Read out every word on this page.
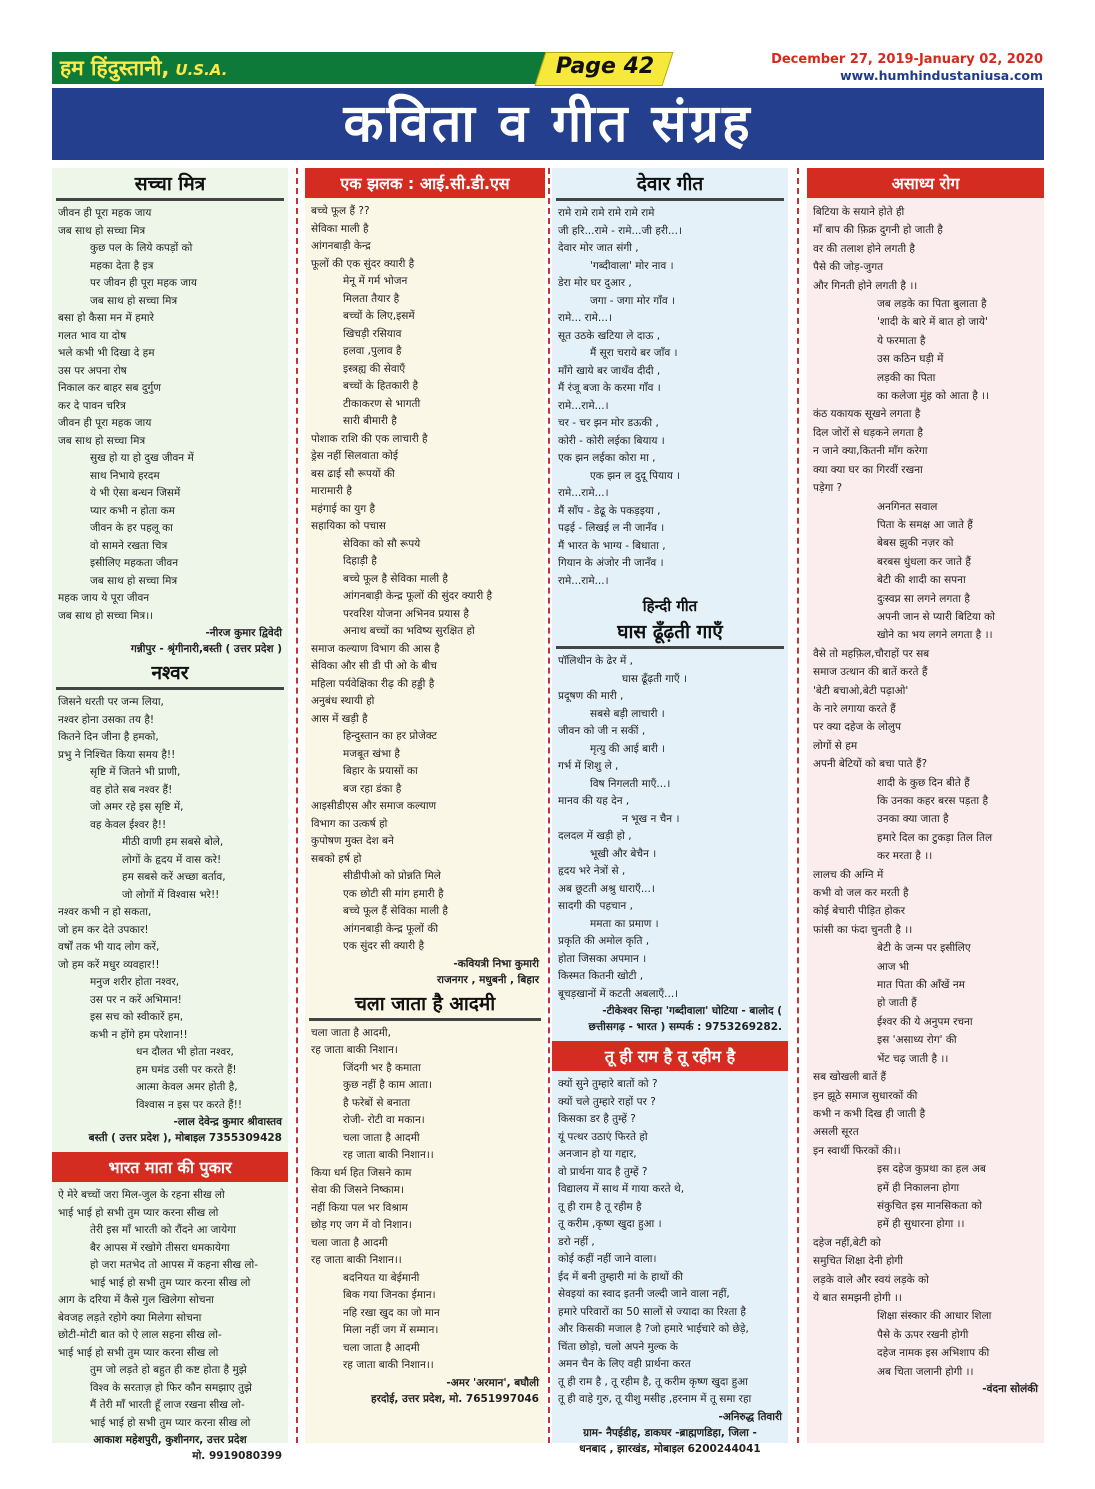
हम हिंदुस्तानी, U.S.A.	Page 42	December 27, 2019-January 02, 2020
www.humhindustaniusa.com
कविता व गीत संग्रह
सच्चा मित्र
जीवन ही पूरा महक जाय
जब साथ हो सच्चा मित्र
कुछ पल के लिये कपड़ों को
महका देता है इत्र
पर जीवन ही पूरा महक जाय
जब साथ हो सच्चा मित्र
बसा हो कैसा मन में हमारे
गलत भाव या दोष
भले कभी भी दिखा दे हम
उस पर अपना रोष
निकाल कर बाहर सब दुर्गुण
कर दे पावन चरित्र
जीवन ही पूरा महक जाय
जब साथ हो सच्चा मित्र
सुख हो या हो दुख जीवन में
साथ निभाये हरदम
ये भी ऐसा बन्धन जिसमें
प्यार कभी न होता कम
जीवन के हर पहलू का
वो सामने रखता चित्र
इसीलिए महकता जीवन
जब साथ हो सच्चा मित्र
महक जाय ये पूरा जीवन
जब साथ हो सच्चा मित्र।।
-नीरज कुमार द्विवेदी
गन्नीपुर - श्रृंगीनारी,बस्ती ( उत्तर प्रदेश )
नश्वर
जिसने धरती पर जन्म लिया,
नश्वर होना उसका तय है!
कितने दिन जीना है हमको,
प्रभु ने निश्चित किया समय है!!
सृष्टि में जितने भी प्राणी,
वह होते सब नश्वर हैं!
जो अमर रहे इस सृष्टि में,
वह केवल ईश्वर है!!
मीठी वाणी हम सबसे बोले,
लोगों के हृदय में वास करे!
हम सबसे करें अच्छा बर्ताव,
जो लोगों में विश्वास भरे!!
नश्वर कभी न हो सकता,
जो हम कर देते उपकार!
वर्षों तक भी याद लोग करें,
जो हम करें मधुर व्यवहार!!
मनुज शरीर होता नश्वर,
उस पर न करें अभिमान!
इस सच को स्वीकारें हम,
कभी न होंगे हम परेशान!!
धन दौलत भी होता नश्वर,
हम घमंड उसी पर करते हैं!
आत्मा केवल अमर होती है,
विश्वास न इस पर करते हैं!!
-लाल देवेन्द्र कुमार श्रीवास्तव
बस्ती ( उत्तर प्रदेश ), मोबाइल 7355309428
भारत माता की पुकार
ऐ मेरे बच्चों जरा मिल-जुल के रहना सीख लो
भाई भाई हो सभी तुम प्यार करना सीख लो
तेरी इस माँ भारती को रौंदने आ जायेगा
बैर आपस में रखोगे तीसरा धमकायेगा
हो जरा मतभेद तो आपस में कहना सीख लो-
भाई भाई हो सभी तुम प्यार करना सीख लो
आग के दरिया में कैसे गुल खिलेगा सोचना
बेवजह लड़ते रहोगे क्या मिलेगा सोचना
छोटी-मोटी बात को ऐ लाल सहना सीख लो-
भाई भाई हो सभी तुम प्यार करना सीख लो
तुम जो लड़ते हो बहुत ही कष्ट होता है मुझे
विश्व के सरताज़ हो फिर कौन समझाए तुझे
मैं तेरी माँ भारती हूँ लाज रखना सीख लो-
भाई भाई हो सभी तुम प्यार करना सीख लो
आकाश महेशपुरी, कुशीनगर, उत्तर प्रदेश
मो. 9919080399
एक झलक : आई.सी.डी.एस
बच्चे फूल हैं ??
सेविका माली है
आंगनबाड़ी केन्द्र
फूलों की एक सुंदर क्यारी है
मेनू में गर्म भोजन
मिलता तैयार है
बच्चों के लिए,इसमें
खिचड़ी रसियाव
हलवा ,पुलाव है
इस्त्रह्य की सेवाएँ
बच्चों के हितकारी है
टीकाकरण से भागती
सारी बीमारी है
पोशाक राशि की एक लाचारी है
ड्रेस नहीं सिलवाता कोई
बस ढाई सौ रूपयों की
मारामारी है
महंगाई का युग है
सहायिका को पचास
सेविका को सौ रूपये
दिहाड़ी है
बच्चे फूल है सेविका माली है
आंगनबाड़ी केन्द्र फूलों की सुंदर क्यारी है
परवरिश योजना अभिनव प्रयास है
अनाथ बच्चों का भविष्य सुरक्षित हो
समाज कल्याण विभाग की आस है
सेविका और सी डी पी ओ के बीच
महिला पर्यवेक्षिका रीढ़ की हड्डी है
अनुबंध स्थायी हो
आस में खड़ी है
हिन्दुस्तान का हर प्रोजेक्ट
मजबूत खंभा है
बिहार के प्रयासों का
बज रहा डंका है
आइसीडीएस और समाज कल्याण
विभाग का उत्कर्ष हो
कुपोषण मुक्त देश बने
सबको हर्ष हो
सीडीपीओ को प्रोन्नति मिले
एक छोटी सी मांग हमारी है
बच्चे फूल हैं सेविका माली है
आंगनबाड़ी केन्द्र फूलों की
एक सुंदर सी क्यारी है
-कवियत्री निभा कुमारी
राजनगर , मधुबनी , बिहार
चला जाता है आदमी
चला जाता है आदमी,
रह जाता बाकी निशान।
जिंदगी भर है कमाता
कुछ नहीं है काम आता।
है फरेबों से बनाता
रोजी- रोटी वा मकान।
चला जाता है आदमी
रह जाता बाकी निशान।।
किया धर्म हित जिसने काम
सेवा की जिसने निष्काम।
नहीं किया पल भर विश्राम
छोड़ गए जग में वो निशान।
चला जाता है आदमी
रह जाता बाकी निशान।।
बदनियत या बेईमानी
बिक गया जिनका ईमान।
नहि रखा खुद का जो मान
मिला नहीं जग में सम्मान।
चला जाता है आदमी
रह जाता बाकी निशान।।
-अमर 'अरमान', बघौली
हरदोई, उत्तर प्रदेश, मो. 7651997046
देवार गीत
रामे रामे रामे रामे रामे रामे
जी हरि...रामे - रामे...जी हरी...।
देवार मोर जात संगी ,
'गब्दीवाला' मोर नाव ।
डेरा मोर घर दुआर ,
जगा - जगा मोर गाँव ।
रामे... रामे...।
सूत उठके खटिया ले दाऊ ,
मैं सूरा चराये बर जाँव ।
माँगे खाये बर जाथँव दीदी ,
मैं रंजू बजा के करमा गाँव ।
रामे...रामे...।
चर - चर झन मोर डऊकी ,
कोरी - कोरी लईका बियाय ।
एक झन लईका कोरा मा ,
एक झन ल दुदू पियाय ।
रामे...रामे...।
मैं साँप - डेढू के पकड़इया ,
पढ़ई - लिखई ल नी जानँव ।
मैं भारत के भाग्य - बिधाता ,
गियान के अंजोर नी जानँव ।
रामे...रामे...।
हिन्दी गीत
घास ढूँढ़ती गाएँ
पॉलिथीन के ढेर में ,
घास ढूँढ़ती गाएँ ।
प्रदूषण की मारी ,
सबसे बड़ी लाचारी ।
जीवन को जी न सकीं ,
मृत्यु की आई बारी ।
गर्भ में शिशु ले ,
विष निगलती माएँ...।
मानव की यह देन ,
न भूख न चैन ।
दलदल में खड़ी हो ,
भूखी और बेचैन ।
हृदय भरे नेत्रों से ,
अब छूटती अश्रु धाराएँ...।
सादगी की पहचान ,
ममता का प्रमाण ।
प्रकृति की अमोल कृति ,
होता जिसका अपमान ।
किस्मत कितनी खोटी ,
बूचड़खानों में कटती अबलाएँ...।
-टीकेश्वर सिन्हा 'गब्दीवाला' घोटिया - बालोद (
छत्तीसगढ़ - भारत ) सम्पर्क : 9753269282.
तू ही राम है तू रहीम है
क्यों सुने तुम्हारे बातों को ?
क्यों चले तुम्हारे राहों पर ?
किसका डर है तुम्हें ?
यूं पत्थर उठाएं फिरते हो
अनजान हो या गद्दार,
वो प्रार्थना याद है तुम्हें ?
विद्यालय में साथ में गाया करते थे,
तू ही राम है तू रहीम है
तू करीम ,कृष्ण खुदा हुआ ।
डरो नहीं ,
कोई कहीं नहीं जाने वाला।
ईद में बनी तुम्हारी मां के हाथों की
सेवइयां का स्वाद इतनी जल्दी जाने वाला नहीं,
हमारे परिवारों का 50 सालों से ज्यादा का रिश्ता है
और किसकी मजाल है ?जो हमारे भाईचारे को छेड़े,
चिंता छोड़ो, चलो अपने मुल्क के
अमन चैन के लिए वही प्रार्थना करत
तू ही राम है , तू रहीम है, तू करीम कृष्ण खुदा हुआ
तू ही वाहे गुरु, तू यीशु मसीह ,हरनाम में तू समा रहा
-अनिरुद्ध तिवारी
ग्राम- नैपईडीह, डाकघर -ब्राह्मणडिहा, जिला -
धनबाद , झारखंड, मोबाइल 6200244041
असाध्य रोग
बिटिया के सयाने होते ही
माँ बाप की फ़िक्र दुगनी हो जाती है
वर की तलाश होने लगती है
पैसे की जोड़-जुगत
और गिनती होने लगती है ।।
जब लड़के का पिता बुलाता है
'शादी के बारे में बात हो जाये'
ये फरमाता है
उस कठिन घड़ी में
लड़की का पिता
का कलेजा मुंह को आता है ।।
कंठ यकायक सूखने लगता है
दिल जोरों से धड़कने लगता है
न जाने क्या,कितनी माँग करेगा
क्या क्या घर का गिरवीं रखना
पड़ेगा ?
अनगिनत सवाल
पिता के समक्ष आ जाते हैं
बेबस झुकी नज़र को
बरबस धुंधला कर जाते हैं
बेटी की शादी का सपना
दुःस्वप्न सा लगने लगता है
अपनी जान से प्यारी बिटिया को
खोने का भय लगने लगता है ।।
वैसे तो महफ़िल,चौराहों पर सब
समाज उत्थान की बातें करते हैं
'बेटी बचाओ,बेटी पढ़ाओ'
के नारे लगाया करते हैं
पर क्या दहेज के लोलुप
लोगों से हम
अपनी बेटियों को बचा पाते हैं?
शादी के कुछ दिन बीते हैं
कि उनका कहर बरस पड़ता है
उनका क्या जाता है
हमारे दिल का टुकड़ा तिल तिल
कर मरता है ।।
लालच की अग्नि में
कभी वो जल कर मरती है
कोई बेचारी पीड़ित होकर
फांसी का फंदा चुनती है ।।
बेटी के जन्म पर इसीलिए
आज भी
मात पिता की आँखें नम
हो जाती हैं
ईश्वर की ये अनुपम रचना
इस 'असाध्य रोग' की
भेंट चढ़ जाती है ।।
सब खोखली बातें हैं
इन झूठे समाज सुधारकों की
कभी न कभी दिख ही जाती है
असली सूरत
इन स्वार्थी फिरकों की।।
इस दहेज कुप्रथा का हल अब
हमें ही निकालना होगा
संकुचित इस मानसिकता को
हमें ही सुधारना होगा ।।
दहेज नहीं,बेटी को
समुचित शिक्षा देनी होगी
लड़के वाले और स्वयं लड़के को
ये बात समझनी होगी ।।
शिक्षा संस्कार की आधार शिला
पैसे के ऊपर रखनी होगी
दहेज नामक इस अभिशाप की
अब चिता जलानी होगी ।।
-वंदना सोलंकी
